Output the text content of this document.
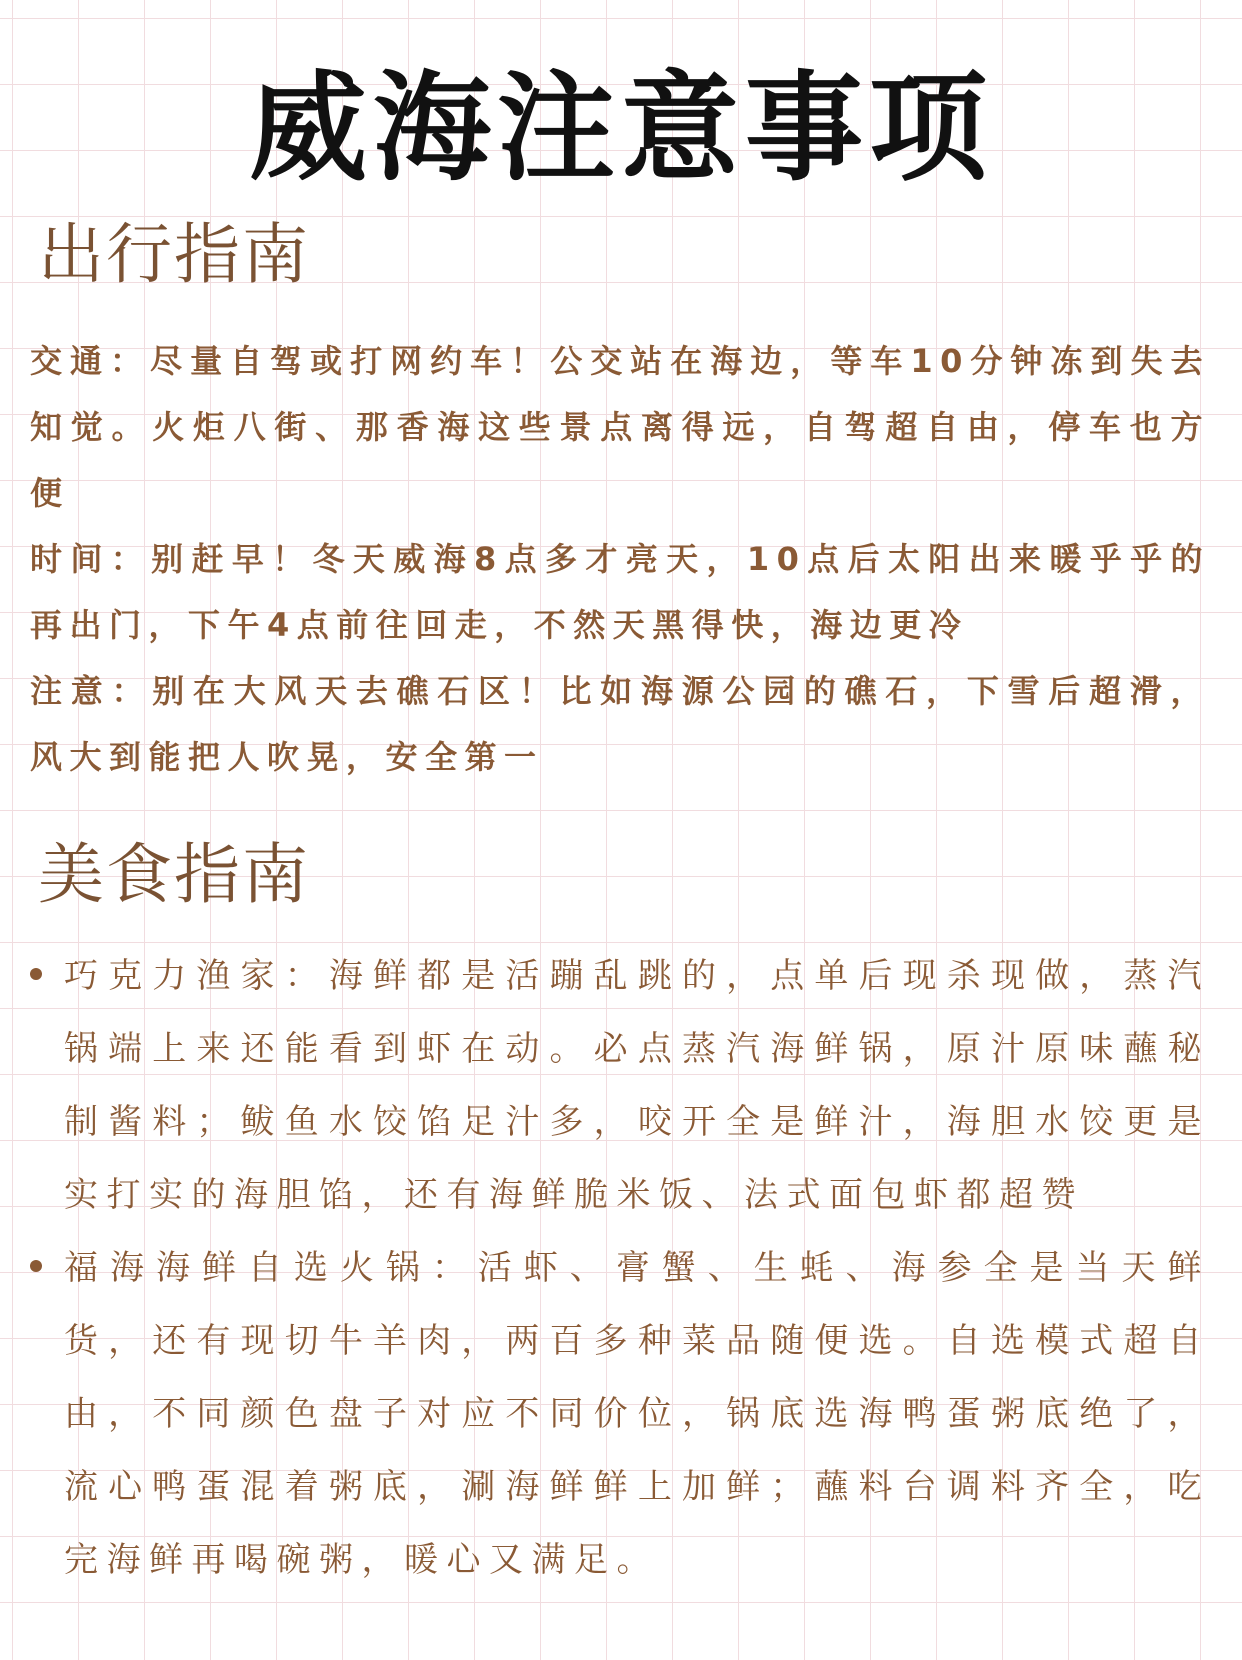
威海注意事项
出行指南

交通：尽量自驾或打网约车！公交站在海边，等车10分钟冻到失去知觉。火炬八街、那香海这些景点离得远，自驾超自由，停车也方便

时间：别赶早！冬天威海8点多才亮天，10点后太阳出来暖乎乎的再出门，下午4点前往回走，不然天黑得快，海边更冷

注意：别在大风天去礁石区！比如海源公园的礁石，下雪后超滑，风大到能把人吹晃，安全第一

美食指南
巧克力渔家：海鲜都是活蹦乱跳的，点单后现杀现做，蒸汽锅端上来还能看到虾在动。必点蒸汽海鲜锅，原汁原味蘸秘制酱料；鲅鱼水饺馅足汁多，咬开全是鲜汁，海胆水饺更是实打实的海胆馅，还有海鲜脆米饭、法式面包虾都超赞
福海海鲜自选火锅：活虾、膏蟹、生蚝、海参全是当天鲜货，还有现切牛羊肉，两百多种菜品随便选。自选模式超自由，不同颜色盘子对应不同价位，锅底选海鸭蛋粥底绝了，流心鸭蛋混着粥底，涮海鲜鲜上加鲜；蘸料台调料齐全，吃完海鲜再喝碗粥，暖心又满足。
